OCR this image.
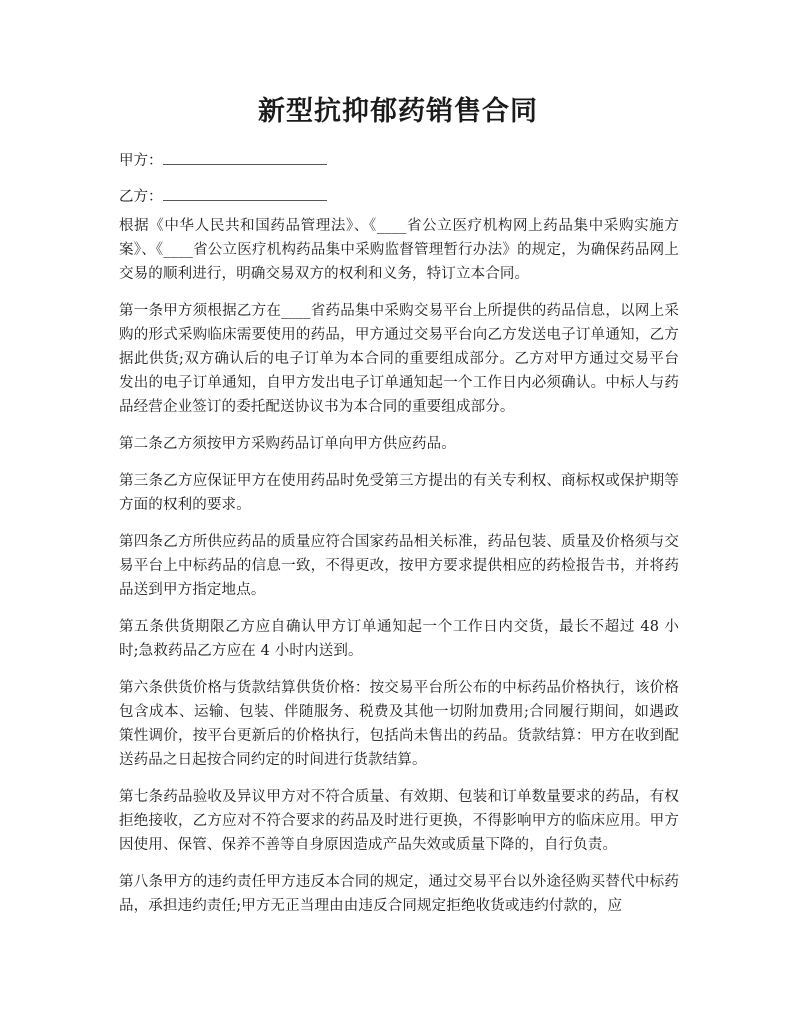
新型抗抑郁药销售合同
甲方：
乙方：

根据《中华人民共和国药品管理法》、《____省公立医疗机构网上药品集中采购实施方案》、《____省公立医疗机构药品集中采购监督管理暂行办法》的规定，为确保药品网上交易的顺利进行，明确交易双方的权利和义务，特订立本合同。

第一条甲方须根据乙方在____省药品集中采购交易平台上所提供的药品信息，以网上采购的形式采购临床需要使用的药品，甲方通过交易平台向乙方发送电子订单通知，乙方据此供货;双方确认后的电子订单为本合同的重要组成部分。乙方对甲方通过交易平台发出的电子订单通知，自甲方发出电子订单通知起一个工作日内必须确认。中标人与药品经营企业签订的委托配送协议书为本合同的重要组成部分。

第二条乙方须按甲方采购药品订单向甲方供应药品。

第三条乙方应保证甲方在使用药品时免受第三方提出的有关专利权、商标权或保护期等方面的权利的要求。

第四条乙方所供应药品的质量应符合国家药品相关标准，药品包装、质量及价格须与交易平台上中标药品的信息一致，不得更改，按甲方要求提供相应的药检报告书，并将药品送到甲方指定地点。

第五条供货期限乙方应自确认甲方订单通知起一个工作日内交货，最长不超过 48 小时;急救药品乙方应在 4 小时内送到。

第六条供货价格与货款结算供货价格：按交易平台所公布的中标药品价格执行，该价格包含成本、运输、包装、伴随服务、税费及其他一切附加费用;合同履行期间，如遇政策性调价，按平台更新后的价格执行，包括尚未售出的药品。货款结算：甲方在收到配送药品之日起按合同约定的时间进行货款结算。

第七条药品验收及异议甲方对不符合质量、有效期、包装和订单数量要求的药品，有权拒绝接收，乙方应对不符合要求的药品及时进行更换，不得影响甲方的临床应用。甲方因使用、保管、保养不善等自身原因造成产品失效或质量下降的，自行负责。

第八条甲方的违约责任甲方违反本合同的规定，通过交易平台以外途径购买替代中标药品，承担违约责任;甲方无正当理由由违反合同规定拒绝收货或违约付款的，应
